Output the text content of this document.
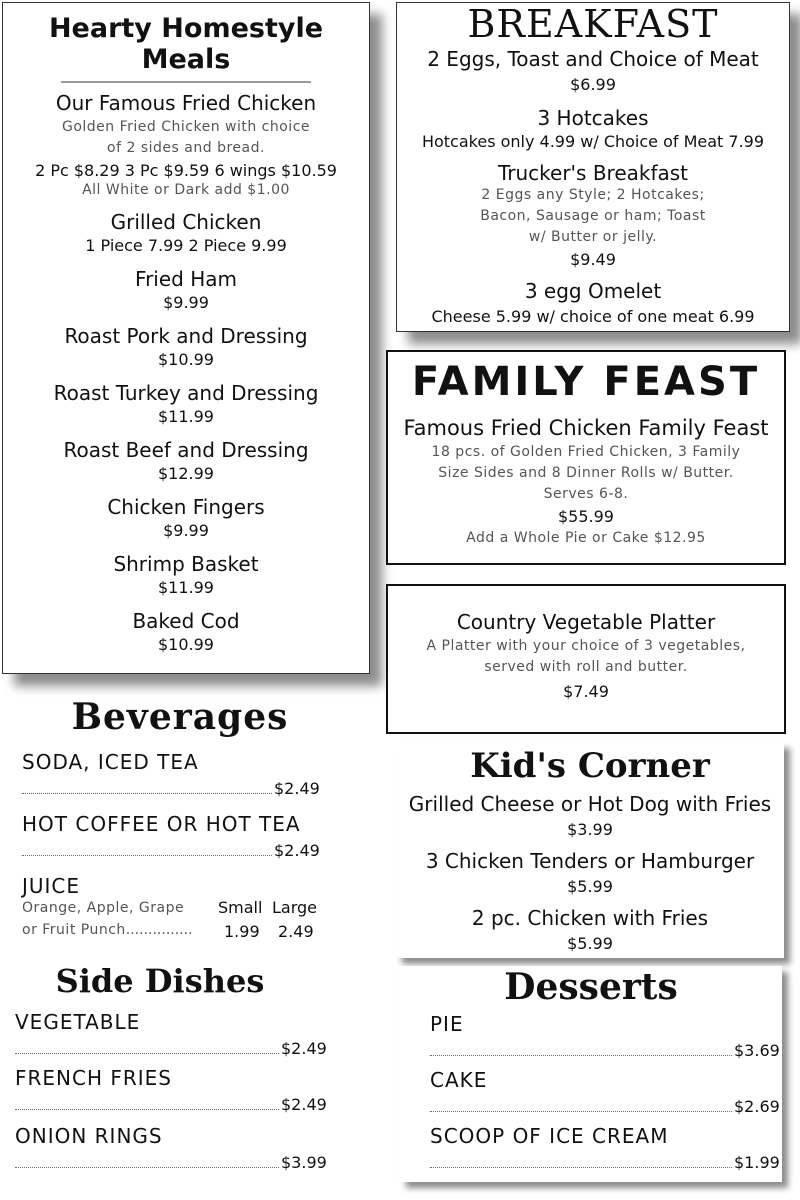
Hearty Homestyle Meals
Our Famous Fried Chicken
Golden Fried Chicken with choice
of 2 sides and bread.
2 Pc $8.29 3 Pc $9.59 6 wings $10.59
All White or Dark add $1.00
Grilled Chicken
1 Piece 7.99 2 Piece 9.99
Fried Ham
$9.99
Roast Pork and Dressing
$10.99
Roast Turkey and Dressing
$11.99
Roast Beef and Dressing
$12.99
Chicken Fingers
$9.99
Shrimp Basket
$11.99
Baked Cod
$10.99
BREAKFAST
2 Eggs, Toast and Choice of Meat
$6.99
3 Hotcakes
Hotcakes only 4.99 w/ Choice of Meat 7.99
Trucker's Breakfast
2 Eggs any Style; 2 Hotcakes;
Bacon, Sausage or ham; Toast
w/ Butter or jelly.
$9.49
3 egg Omelet
Cheese 5.99 w/ choice of one meat 6.99
FAMILY FEAST
Famous Fried Chicken Family Feast
18 pcs. of Golden Fried Chicken, 3 Family
Size Sides and 8 Dinner Rolls w/ Butter.
Serves 6-8.
$55.99
Add a Whole Pie or Cake $12.95
Country Vegetable Platter
A Platter with your choice of 3 vegetables,
served with roll and butter.
$7.49
Beverages
SODA, ICED TEA
$2.49
HOT COFFEE OR HOT TEA
$2.49
JUICE
Orange, Apple, Grape
or Fruit Punch...............
Small Large
1.99 2.49
Side Dishes
VEGETABLE
$2.49
FRENCH FRIES
$2.49
ONION RINGS
$3.99
Kid's Corner
Grilled Cheese or Hot Dog with Fries
$3.99
3 Chicken Tenders or Hamburger
$5.99
2 pc. Chicken with Fries
$5.99
Desserts
PIE
$3.69
CAKE
$2.69
SCOOP OF ICE CREAM
$1.99
